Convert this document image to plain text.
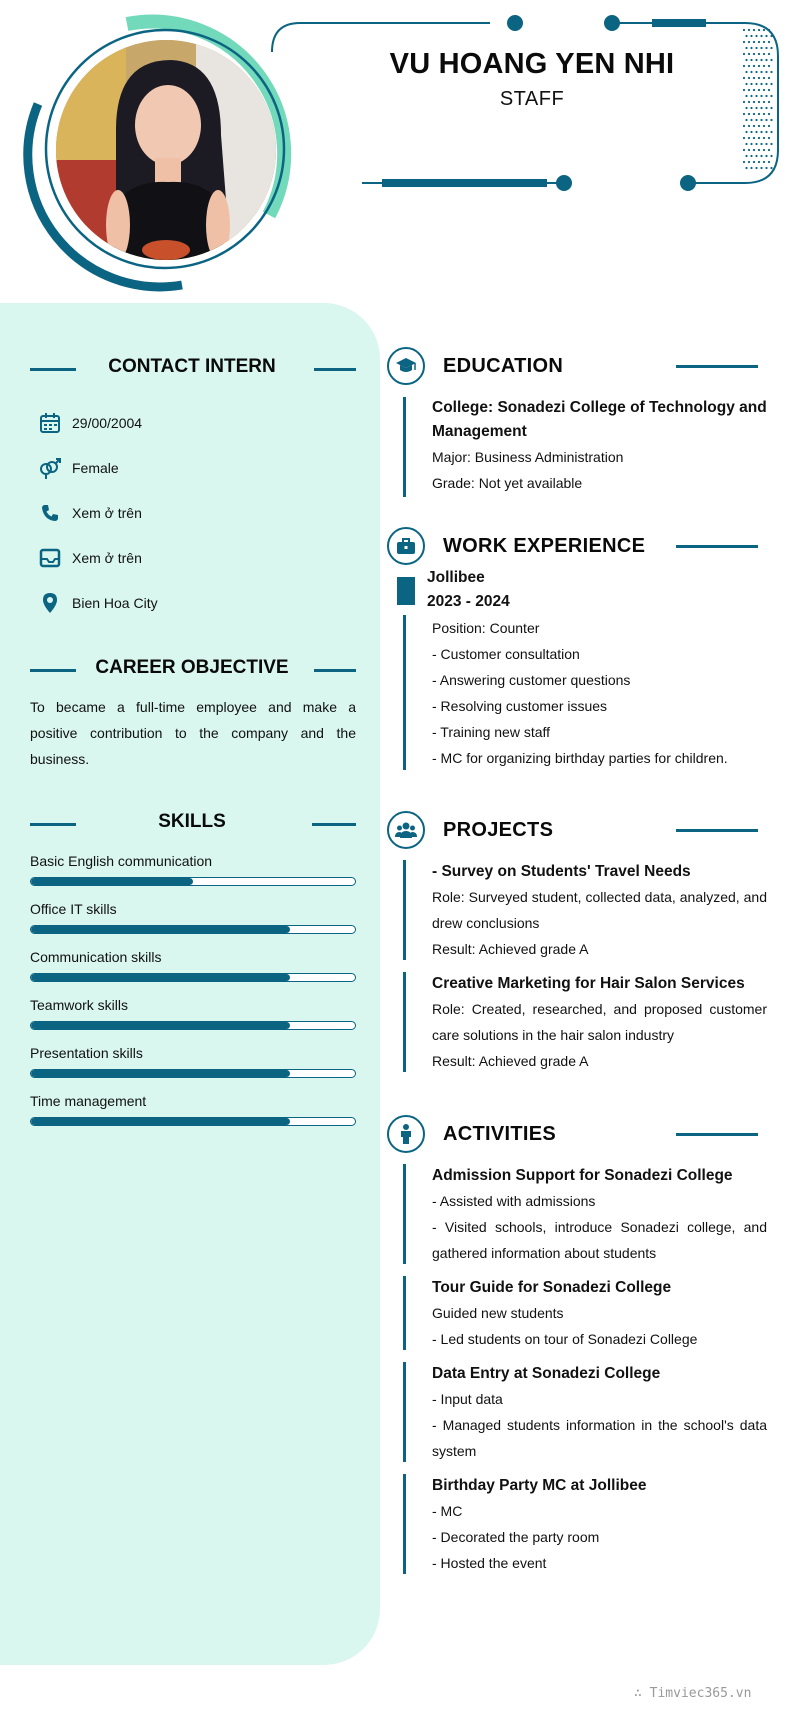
VU HOANG YEN NHI
STAFF
CONTACT INTERN
29/00/2004
Female
Xem ở trên
Xem ở trên
Bien Hoa City
CAREER OBJECTIVE
To became a full-time employee and make a positive contribution to the company and the business.
SKILLS
Basic English communication
Office IT skills
Communication skills
Teamwork skills
Presentation skills
Time management
EDUCATION
College: Sonadezi College of Technology and Management
Major: Business Administration
Grade: Not yet available
WORK EXPERIENCE
Jollibee
2023 - 2024
Position: Counter
- Customer consultation
- Answering customer questions
- Resolving customer issues
- Training new staff
- MC for organizing birthday parties for children.
PROJECTS
- Survey on Students' Travel Needs
Role: Surveyed student, collected data, analyzed, and drew conclusions
Result: Achieved grade A
Creative Marketing for Hair Salon Services
Role: Created, researched, and proposed customer care solutions in the hair salon industry
Result: Achieved grade A
ACTIVITIES
Admission Support for Sonadezi College
- Assisted with admissions
- Visited schools, introduce Sonadezi college, and gathered information about students
Tour Guide for Sonadezi College
Guided new students
- Led students on tour of Sonadezi College
Data Entry at Sonadezi College
- Input data
- Managed students information in the school's data system
Birthday Party MC at Jollibee
- MC
- Decorated the party room
- Hosted the event
∴ Timviec365.vn
